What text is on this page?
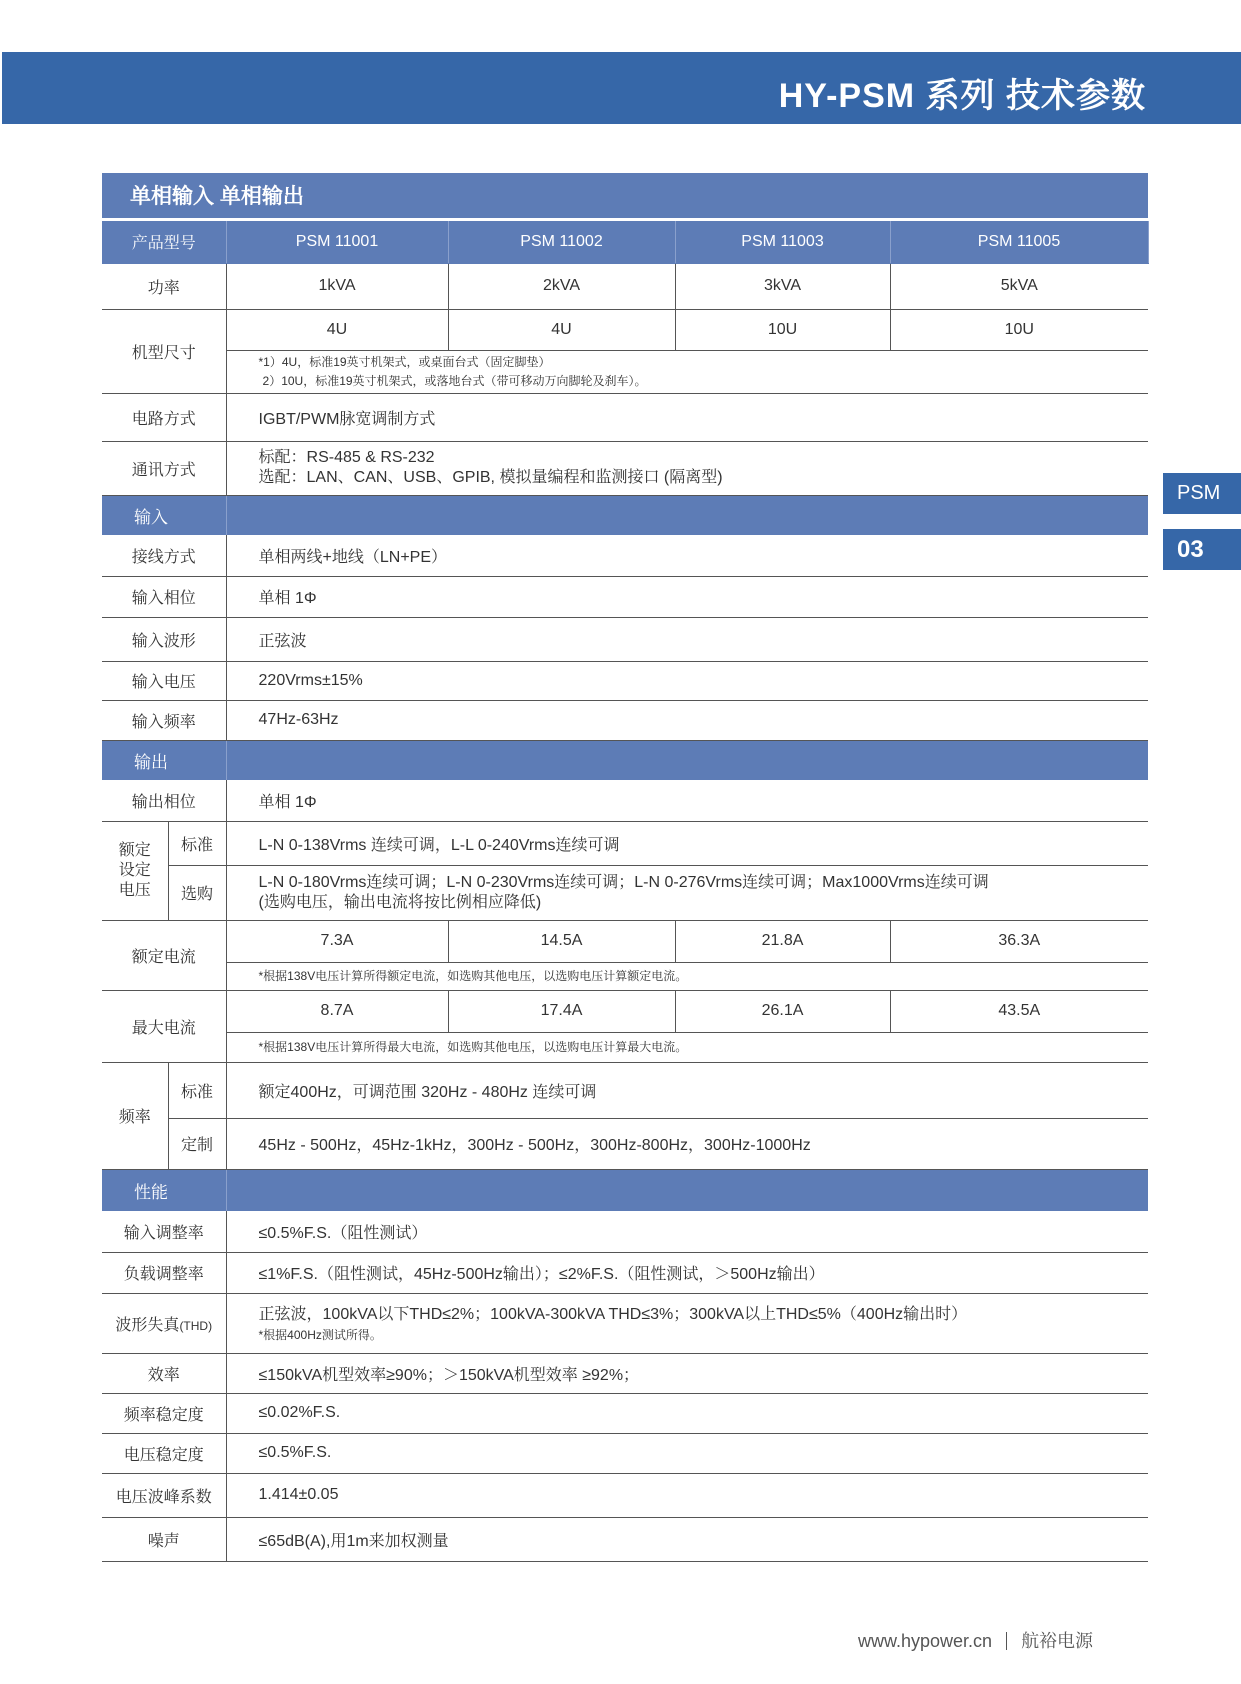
HY-PSM 系列 技术参数
PSM
03
单相输入 单相输出
产品型号		PSM 11001	PSM 11002	PSM 11003	PSM 11005
功率		1kVA	2kVA	3kVA	5kVA
机型尺寸		4U	4U	10U	10U

		*1）4U，标准19英寸机架式，或桌面台式（固定脚垫）
2）10U，标准19英寸机架式，或落地台式（带可移动万向脚轮及刹车）。			

电路方式		IGBT/PWM脉宽调制方式			
通讯方式		标配：RS-485 & RS-232
选配：LAN、CAN、USB、GPIB, 模拟量编程和监测接口 (隔离型)			

输入					
接线方式		单相两线+地线（LN+PE）			
输入相位		单相 1Φ			
输入波形		正弦波			
输入电压		220Vrms±15%			
输入频率		47Hz-63Hz			
输出					
输出相位		单相 1Φ			

额定
设定
电压	标准	L-N 0-138Vrms 连续可调，L-L 0-240Vrms连续可调			
	选购	L-N 0-180Vrms连续可调；L-N 0-230Vrms连续可调；L-N 0-276Vrms连续可调；Max1000Vrms连续可调
(选购电压，输出电流将按比例相应降低)			

额定电流		7.3A	14.5A	21.8A	36.3A
		*根据138V电压计算所得额定电流，如选购其他电压，以选购电压计算额定电流。			
最大电流		8.7A	17.4A	26.1A	43.5A
		*根据138V电压计算所得最大电流，如选购其他电压，以选购电压计算最大电流。			
频率	标准	额定400Hz，可调范围 320Hz - 480Hz 连续可调			
	定制	45Hz - 500Hz，45Hz-1kHz，300Hz - 500Hz，300Hz-800Hz，300Hz-1000Hz			
性能					
输入调整率		≤0.5%F.S.（阻性测试）			
负载调整率		≤1%F.S.（阻性测试，45Hz-500Hz输出）；≤2%F.S.（阻性测试，＞500Hz输出）			
波形失真(THD)		正弦波，100kVA以下THD≤2%；100kVA-300kVA THD≤3%；300kVA以上THD≤5%（400Hz输出时）
*根据400Hz测试所得。			

效率		≤150kVA机型效率≥90%；＞150kVA机型效率 ≥92%；			
频率稳定度		≤0.02%F.S.			
电压稳定度		≤0.5%F.S.			
电压波峰系数		1.414±0.05			
噪声		≤65dB(A),用1m来加权测量			
www.hypower.cn 航裕电源
